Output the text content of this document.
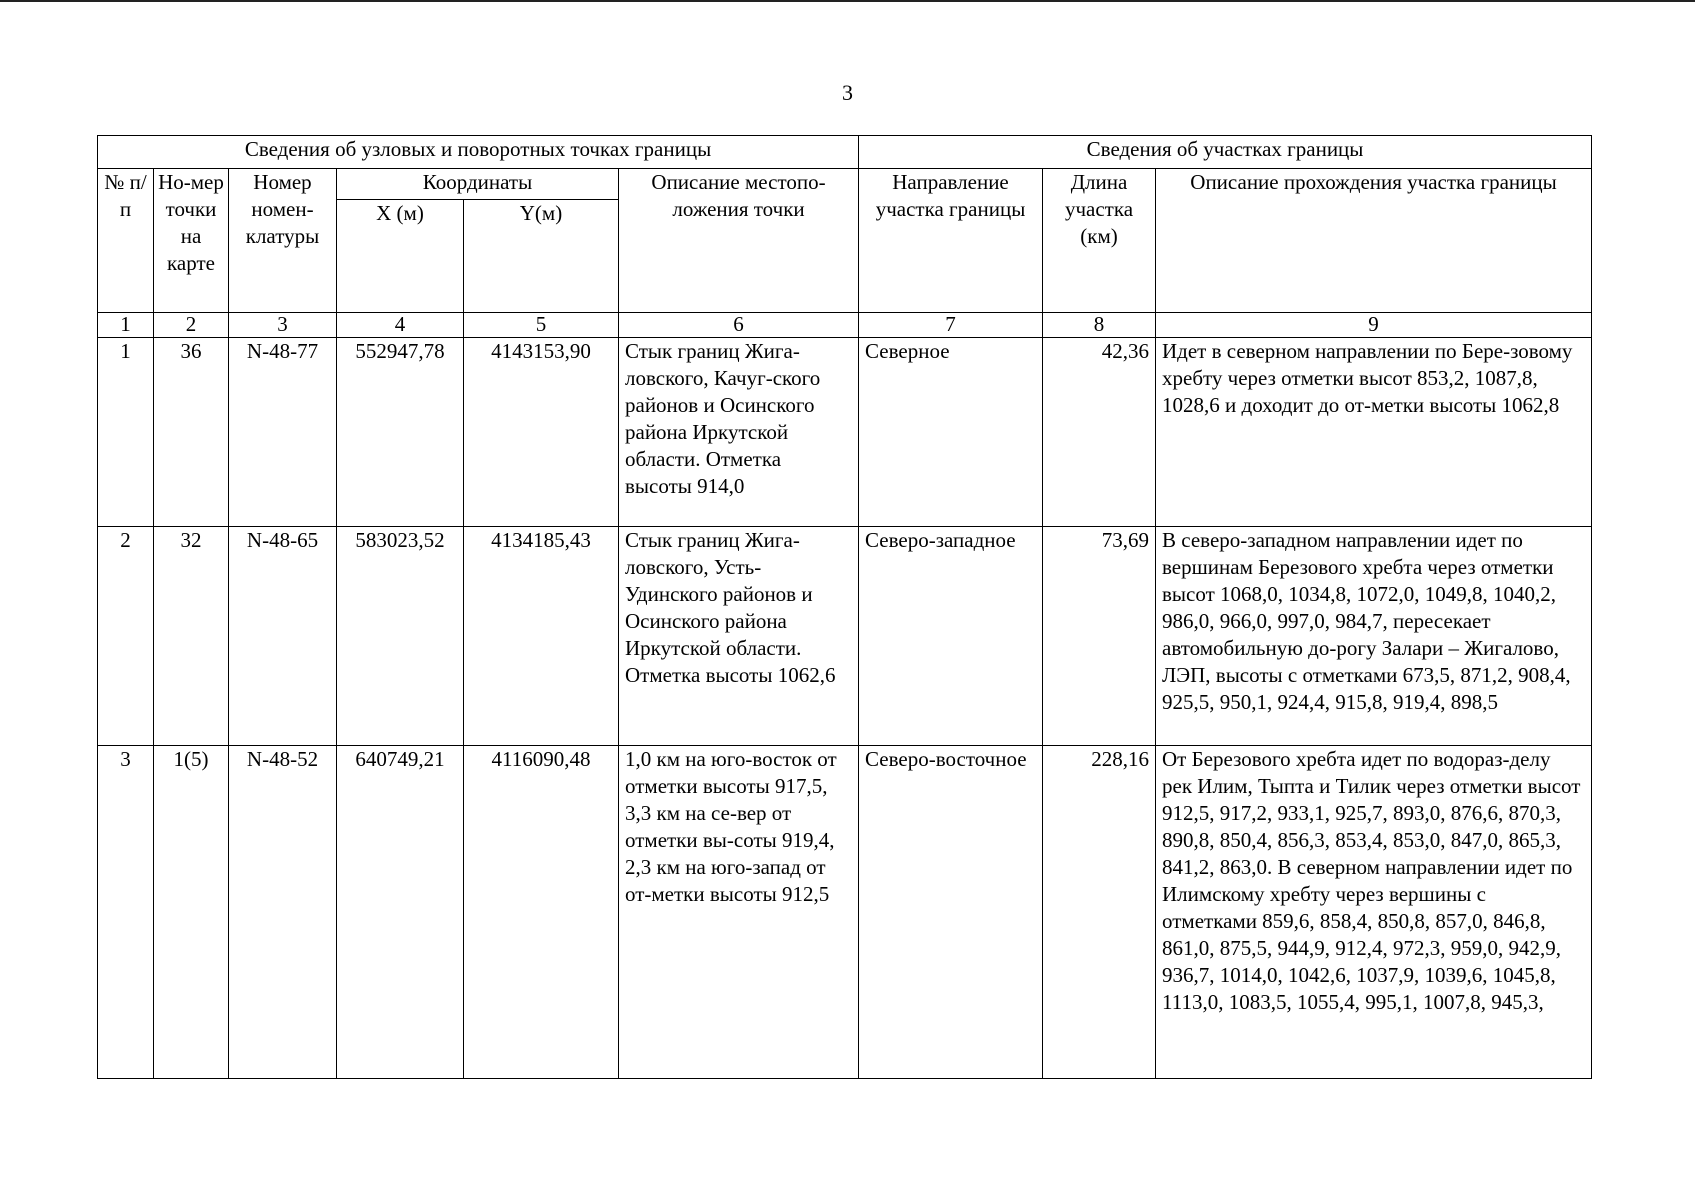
3
Сведения об узловых и поворотных точках границы						Сведения об участках границы		
№ п/п	Но-мер точки на карте	Номер номен-клатуры	Координаты		Описание местопо-ложения точки	Направление участка границы	Длина участка (км)	Описание прохождения участка границы
			X (м)	Y(м)				
1	2	3	4	5	6	7	8	9
1	36	N-48-77	552947,78	4143153,90	Стык границ Жига-ловского, Качуг-ского районов и Осинского района Иркутской области. Отметка высоты 914,0	Северное	42,36	Идет в северном направлении по Бере-зовому хребту через отметки высот 853,2, 1087,8, 1028,6 и доходит до от-метки высоты 1062,8
2	32	N-48-65	583023,52	4134185,43	Стык границ Жига-ловского, Усть-Удинского районов и Осинского района Иркутской области. Отметка высоты 1062,6	Северо-западное	73,69	В северо-западном направлении идет по вершинам Березового хребта через отметки высот 1068,0, 1034,8, 1072,0, 1049,8, 1040,2, 986,0, 966,0, 997,0, 984,7, пересекает автомобильную до-рогу Залари – Жигалово, ЛЭП, высоты с отметками 673,5, 871,2, 908,4, 925,5, 950,1, 924,4, 915,8, 919,4, 898,5
3	1(5)	N-48-52	640749,21	4116090,48	1,0 км на юго-восток от отметки высоты 917,5, 3,3 км на се-вер от отметки вы-соты 919,4, 2,3 км на юго-запад от от-метки высоты 912,5	Северо-восточное	228,16	От Березового хребта идет по водораз-делу рек Илим, Тыпта и Тилик через отметки высот 912,5, 917,2, 933,1, 925,7, 893,0, 876,6, 870,3, 890,8, 850,4, 856,3, 853,4, 853,0, 847,0, 865,3, 841,2, 863,0. В северном направлении идет по Илимскому хребту через вершины с отметками 859,6, 858,4, 850,8, 857,0, 846,8, 861,0, 875,5, 944,9, 912,4, 972,3, 959,0, 942,9, 936,7, 1014,0, 1042,6, 1037,9, 1039,6, 1045,8, 1113,0, 1083,5, 1055,4, 995,1, 1007,8, 945,3,
